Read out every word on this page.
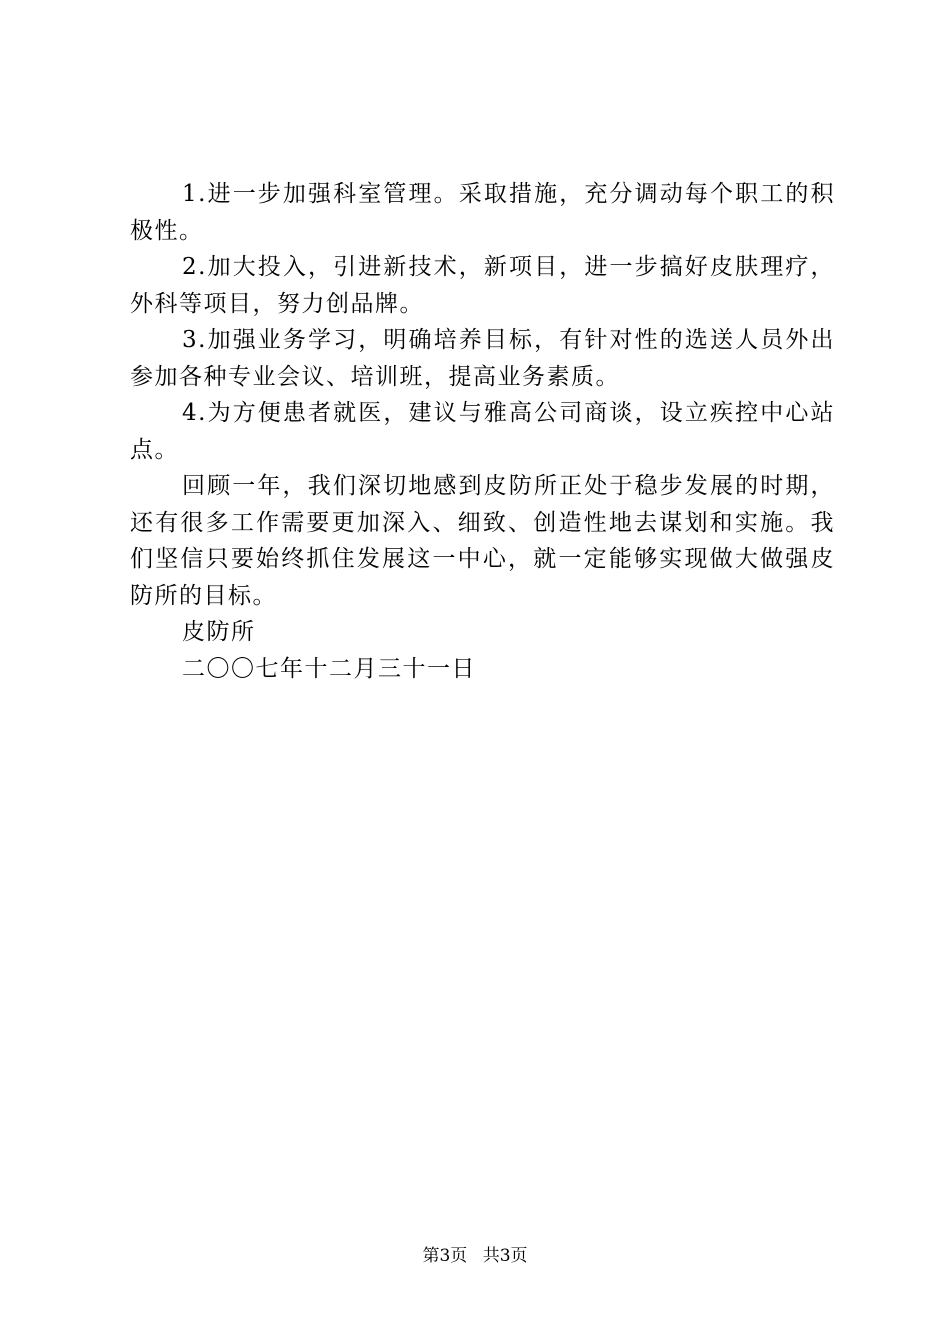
1.进一步加强科室管理。采取措施，充分调动每个职工的积极性。

2.加大投入，引进新技术，新项目，进一步搞好皮肤理疗，外科等项目，努力创品牌。

3.加强业务学习，明确培养目标，有针对性的选送人员外出参加各种专业会议、培训班，提高业务素质。

4.为方便患者就医，建议与雅高公司商谈，设立疾控中心站点。

回顾一年，我们深切地感到皮防所正处于稳步发展的时期，还有很多工作需要更加深入、细致、创造性地去谋划和实施。我们坚信只要始终抓住发展这一中心，就一定能够实现做大做强皮防所的目标。

皮防所

二〇〇七年十二月三十一日

第3页 共3页
